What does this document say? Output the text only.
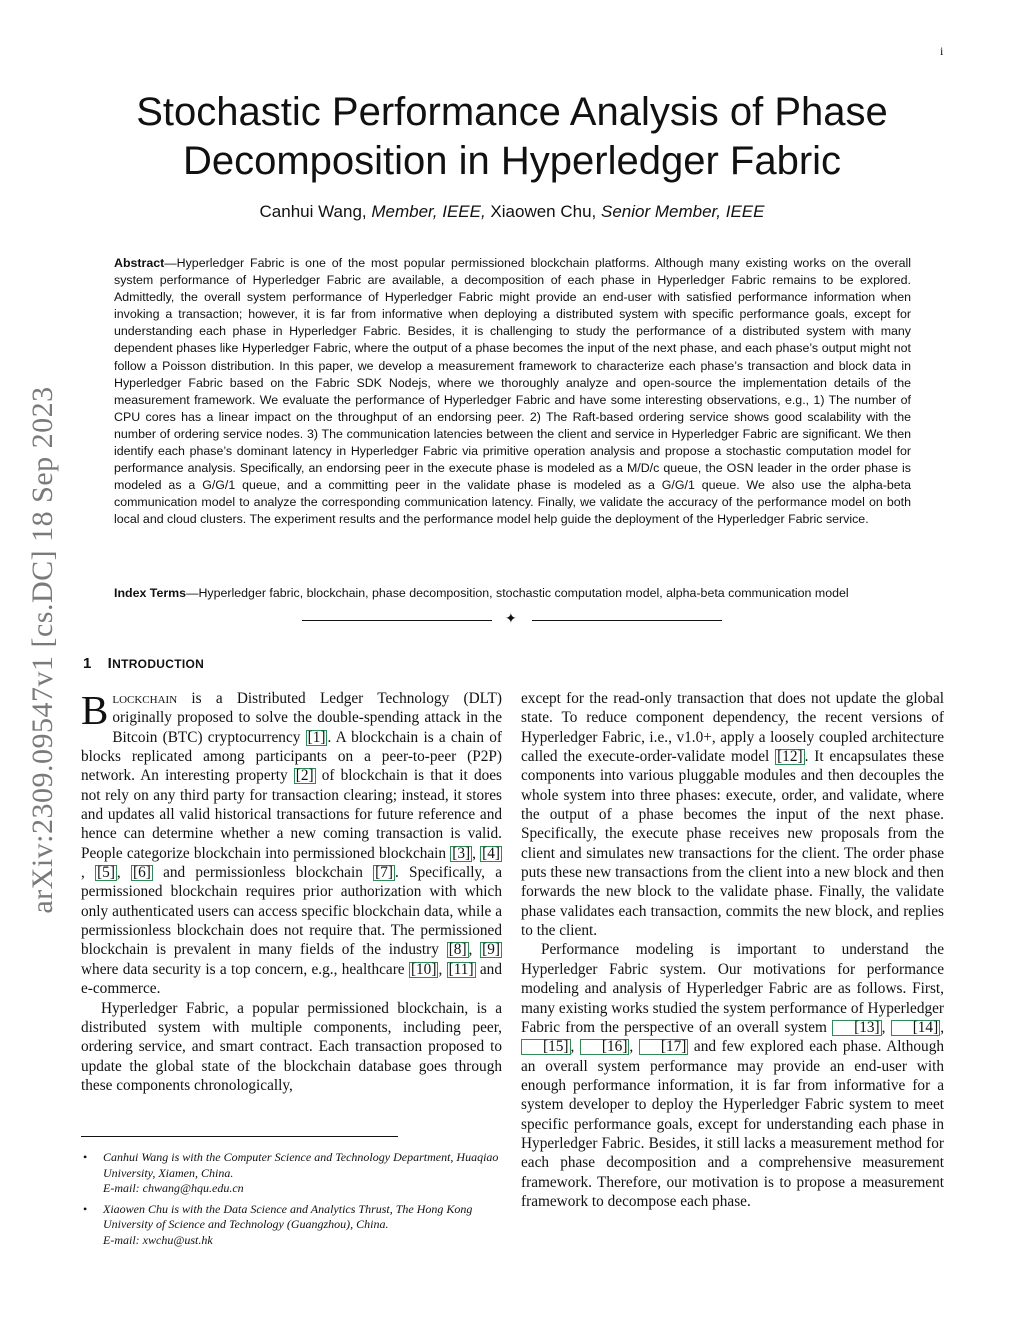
i
arXiv:2309.09547v1 [cs.DC] 18 Sep 2023
Stochastic Performance Analysis of Phase Decomposition in Hyperledger Fabric
Canhui Wang, Member, IEEE, Xiaowen Chu, Senior Member, IEEE
Abstract—Hyperledger Fabric is one of the most popular permissioned blockchain platforms. Although many existing works on the overall system performance of Hyperledger Fabric are available, a decomposition of each phase in Hyperledger Fabric remains to be explored. Admittedly, the overall system performance of Hyperledger Fabric might provide an end-user with satisfied performance information when invoking a transaction; however, it is far from informative when deploying a distributed system with specific performance goals, except for understanding each phase in Hyperledger Fabric. Besides, it is challenging to study the performance of a distributed system with many dependent phases like Hyperledger Fabric, where the output of a phase becomes the input of the next phase, and each phase’s output might not follow a Poisson distribution. In this paper, we develop a measurement framework to characterize each phase’s transaction and block data in Hyperledger Fabric based on the Fabric SDK Nodejs, where we thoroughly analyze and open-source the implementation details of the measurement framework. We evaluate the performance of Hyperledger Fabric and have some interesting observations, e.g., 1) The number of CPU cores has a linear impact on the throughput of an endorsing peer. 2) The Raft-based ordering service shows good scalability with the number of ordering service nodes. 3) The communication latencies between the client and service in Hyperledger Fabric are significant. We then identify each phase’s dominant latency in Hyperledger Fabric via primitive operation analysis and propose a stochastic computation model for performance analysis. Specifically, an endorsing peer in the execute phase is modeled as a M/D/c queue, the OSN leader in the order phase is modeled as a G/G/1 queue, and a committing peer in the validate phase is modeled as a G/G/1 queue. We also use the alpha-beta communication model to analyze the corresponding communication latency. Finally, we validate the accuracy of the performance model on both local and cloud clusters. The experiment results and the performance model help guide the deployment of the Hyperledger Fabric service.
Index Terms—Hyperledger fabric, blockchain, phase decomposition, stochastic computation model, alpha-beta communication model
✦
1 INTRODUCTION

Blockchain is a Distributed Ledger Technology (DLT) originally proposed to solve the double-spending attack in the Bitcoin (BTC) cryptocurrency [1] . A blockchain is a chain of blocks replicated among participants on a peer-to-peer (P2P) network. An interesting property [2] of blockchain is that it does not rely on any third party for transaction clearing; instead, it stores and updates all valid historical transactions for future reference and hence can determine whether a new coming transaction is valid. People categorize blockchain into permissioned blockchain [3] , [4], [5] , [6] and permissionless blockchain [7] . Specifically, a permissioned blockchain requires prior authorization with which only authenticated users can access specific blockchain data, while a permissionless blockchain does not require that. The permissioned blockchain is prevalent in many fields of the industry [8] , [9] where data security is a top concern, e.g., healthcare [10] , [11] and e-commerce.

Hyperledger Fabric, a popular permissioned blockchain, is a distributed system with multiple components, including peer, ordering service, and smart contract. Each transaction proposed to update the global state of the blockchain database goes through these components chronologically,

except for the read-only transaction that does not update the global state. To reduce component dependency, the recent versions of Hyperledger Fabric, i.e., v1.0+, apply a loosely coupled architecture called the execute-order-validate model [12] . It encapsulates these components into various pluggable modules and then decouples the whole system into three phases: execute, order, and validate, where the output of a phase becomes the input of the next phase. Specifically, the execute phase receives new proposals from the client and simulates new transactions for the client. The order phase puts these new transactions from the client into a new block and then forwards the new block to the validate phase. Finally, the validate phase validates each transaction, commits the new block, and replies to the client.

Performance modeling is important to understand the Hyperledger Fabric system. Our motivations for performance modeling and analysis of Hyperledger Fabric are as follows. First, many existing works studied the system performance of Hyperledger Fabric from the perspective of an overall system [13] , [14] , [15] , [16] , [17] and few explored each phase. Although an overall system performance may provide an end-user with enough performance information, it is far from informative for a system developer to deploy the Hyperledger Fabric system to meet specific performance goals, except for understanding each phase in Hyperledger Fabric. Besides, it still lacks a measurement method for each phase decomposition and a comprehensive measurement framework. Therefore, our motivation is to propose a measurement framework to decompose each phase.

• Canhui Wang is with the Computer Science and Technology Department, Huaqiao University, Xiamen, China.
E-mail: chwang@hqu.edu.cn
• Xiaowen Chu is with the Data Science and Analytics Thrust, The Hong Kong University of Science and Technology (Guangzhou), China.
E-mail: xwchu@ust.hk
